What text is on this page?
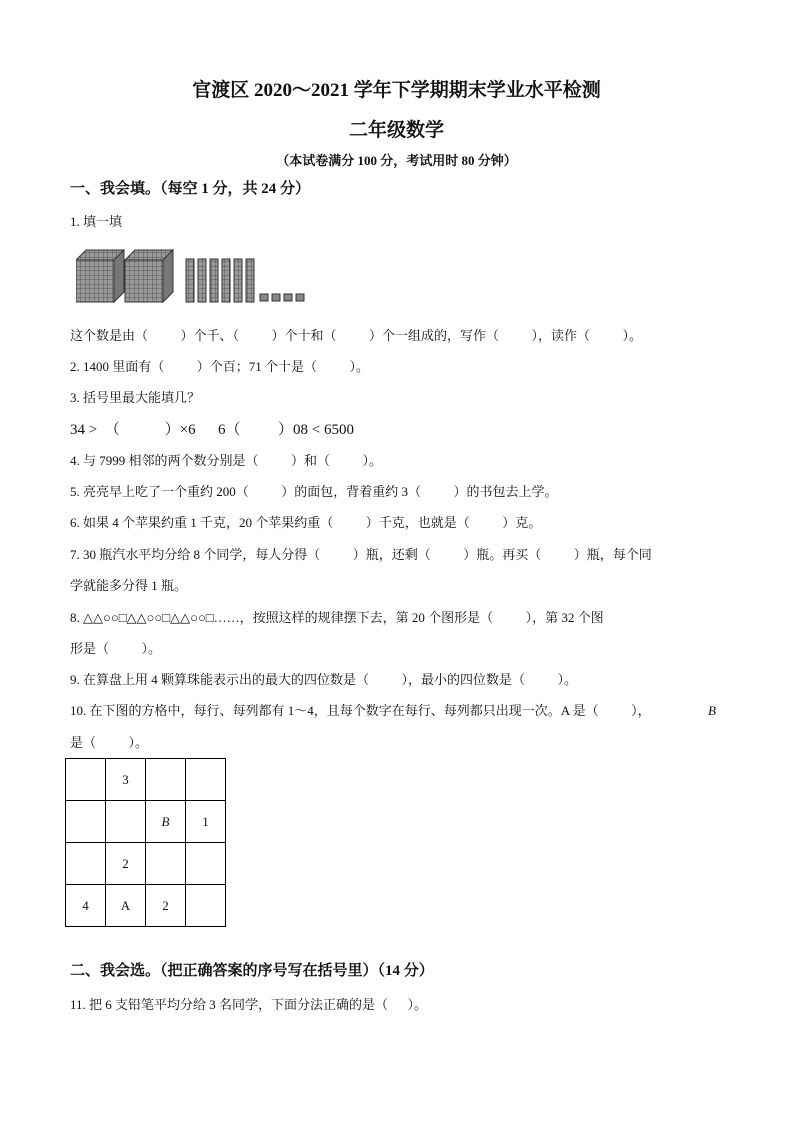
官渡区 2020～2021 学年下学期期末学业水平检测
二年级数学
（本试卷满分 100 分，考试用时 80 分钟）
一、我会填。（每空 1 分，共 24 分）
1. 填一填
这个数是由（          ）个千、（          ）个十和（          ）个一组成的，写作（          ），读作（          ）。
2. 1400 里面有（          ）个百；71 个十是（          ）。
3. 括号里最大能填几？
34 >  （            ）×6 6（          ）08 < 6500
4. 与 7999 相邻的两个数分别是（          ）和（          ）。
5. 亮亮早上吃了一个重约 200（          ）的面包，背着重约 3（          ）的书包去上学。
6. 如果 4 个苹果约重 1 千克，20 个苹果约重（          ）千克，也就是（          ）克。
7. 30 瓶汽水平均分给 8 个同学，每人分得（          ）瓶，还剩（          ）瓶。再买（          ）瓶，每个同
学就能多分得 1 瓶。
8. △△○○□△△○○□△△○○□……，按照这样的规律摆下去，第 20 个图形是（          ），第 32 个图
形是（          ）。
9. 在算盘上用 4 颗算珠能表示出的最大的四位数是（          ），最小的四位数是（          ）。
10. 在下图的方格中，每行、每列都有 1～4，且每个数字在每行、每列都只出现一次。A 是（          ），	B
是（          ）。
	3		
		B	1
	2		
4	A	2	
二、我会选。（把正确答案的序号写在括号里）（14 分）
11. 把 6 支铅笔平均分给 3 名同学，下面分法正确的是（      ）。
